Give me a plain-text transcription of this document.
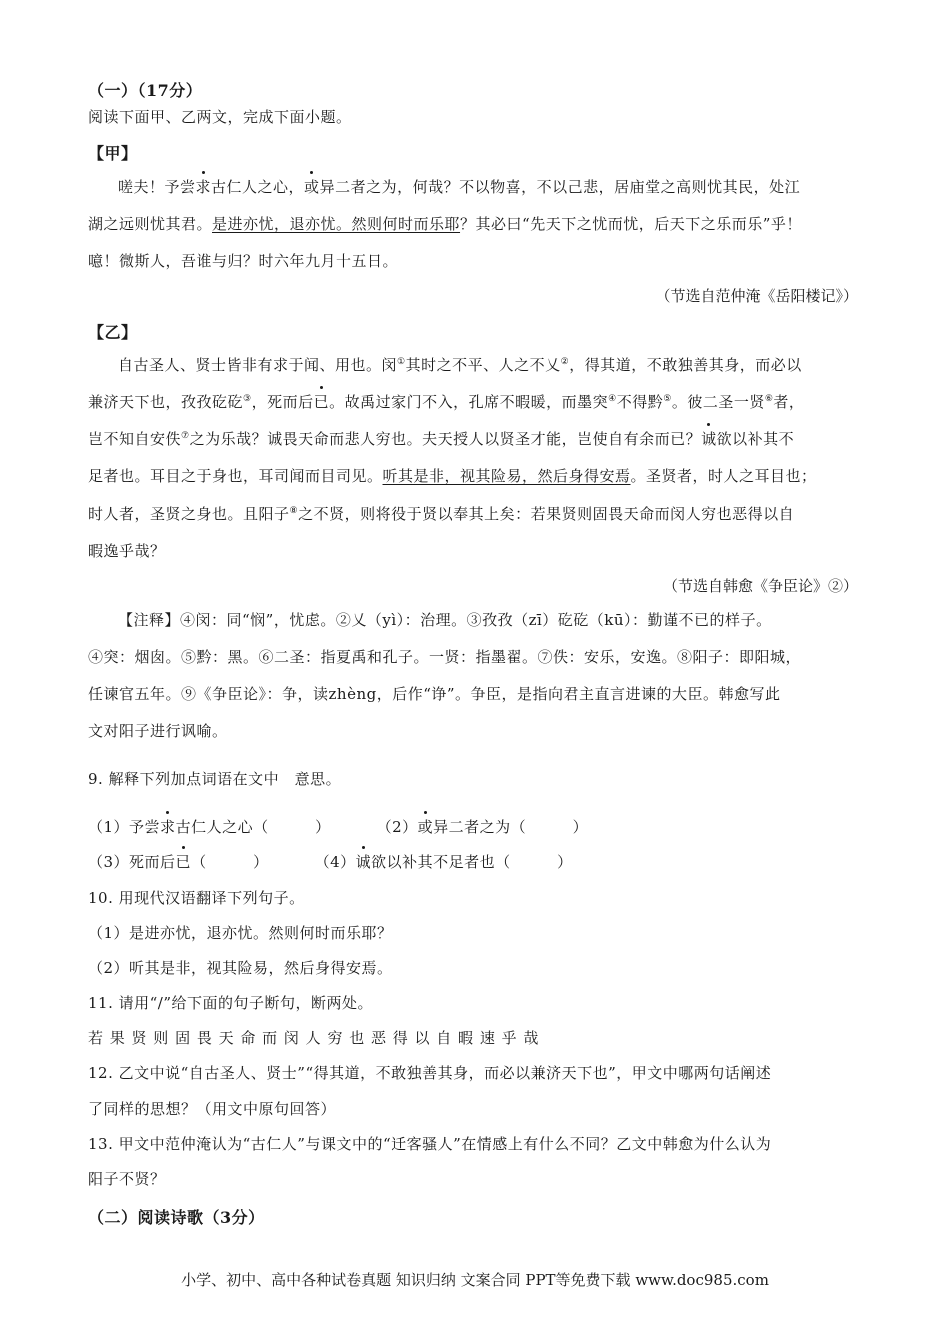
（一）（17分）
阅读下面甲、乙两文，完成下面小题。
【甲】
嗟夫！予尝求古仁人之心，或异二者之为，何哉？不以物喜，不以己悲，居庙堂之高则忧其民，处江
湖之远则忧其君。是进亦忧，退亦忧。然则何时而乐耶？其必曰“先天下之忧而忧，后天下之乐而乐”乎！
噫！微斯人，吾谁与归？时六年九月十五日。
（节选自范仲淹《岳阳楼记》）
【乙】
自古圣人、贤士皆非有求于闻、用也。闵①其时之不平、人之不乂②，得其道，不敢独善其身，而必以
兼济天下也，孜孜矻矻③，死而后已。故禹过家门不入，孔席不暇暖，而墨突④不得黔⑤。彼二圣一贤⑥者，
岂不知自安佚⑦之为乐哉？诚畏天命而悲人穷也。夫天授人以贤圣才能，岂使自有余而已？诚欲以补其不
足者也。耳目之于身也，耳司闻而目司见。听其是非，视其险易，然后身得安焉。圣贤者，时人之耳目也；
时人者，圣贤之身也。且阳子⑧之不贤，则将役于贤以奉其上矣：若果贤则固畏天命而闵人穷也恶得以自
暇逸乎哉？
（节选自韩愈《争臣论》②）
【注释】④闵：同“悯”，忧虑。②乂（yì）：治理。③孜孜（zī）矻矻（kū）：勤谨不已的样子。
④突：烟囱。⑤黔：黑。⑥二圣：指夏禹和孔子。一贤：指墨翟。⑦佚：安乐，安逸。⑧阳子：即阳城，
任谏官五年。⑨《争臣论》：争，读zhèng，后作“诤”。争臣，是指向君主直言进谏的大臣。韩愈写此
文对阳子进行讽喻。
9. 解释下列加点词语在文中　意思。
（1）予尝求古仁人之心（　　　）	（2）或异二者之为（　　　）
（3）死而后已（　　　）	（4）诚欲以补其不足者也（　　　）
10. 用现代汉语翻译下列句子。
（1）是进亦忧，退亦忧。然则何时而乐耶？
（2）听其是非，视其险易，然后身得安焉。
11. 请用“/”给下面的句子断句，断两处。
若 果 贤 则 固 畏 天 命 而 闵 人 穷 也 恶 得 以 自 暇 速 乎 哉
12. 乙文中说“自古圣人、贤士”“得其道，不敢独善其身，而必以兼济天下也”，甲文中哪两句话阐述
了同样的思想？（用文中原句回答）
13. 甲文中范仲淹认为“古仁人”与课文中的“迁客骚人”在情感上有什么不同？乙文中韩愈为什么认为
阳子不贤？
（二）阅读诗歌（3分）
小学、初中、高中各种试卷真题 知识归纳 文案合同 PPT等免费下载 www.doc985.com
